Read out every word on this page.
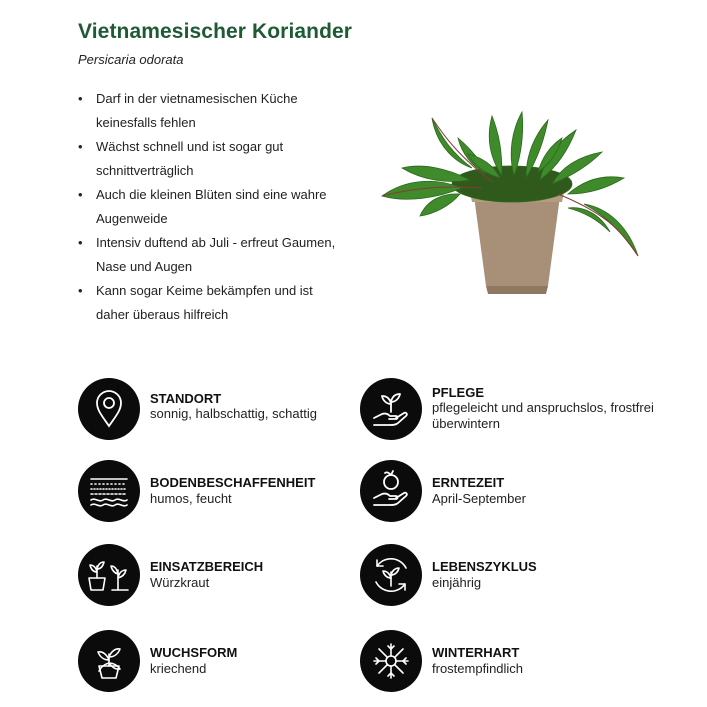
Vietnamesischer Koriander
Persicaria odorata
• Darf in der vietnamesischen Küche keinesfalls fehlen
• Wächst schnell und ist sogar gut schnittverträglich
• Auch die kleinen Blüten sind eine wahre Augenweide
• Intensiv duftend ab Juli - erfreut Gaumen, Nase und Augen
• Kann sogar Keime bekämpfen und ist daher überaus hilfreich
STANDORT
sonnig, halbschattig, schattig
PFLEGE
pflegeleicht und anspruchslos, frostfrei überwintern
BODENBESCHAFFENHEIT
humos, feucht
ERNTEZEIT
April-September
EINSATZBEREICH
Würzkraut
LEBENSZYKLUS
einjährig
WUCHSFORM
kriechend
WINTERHART
frostempfindlich
